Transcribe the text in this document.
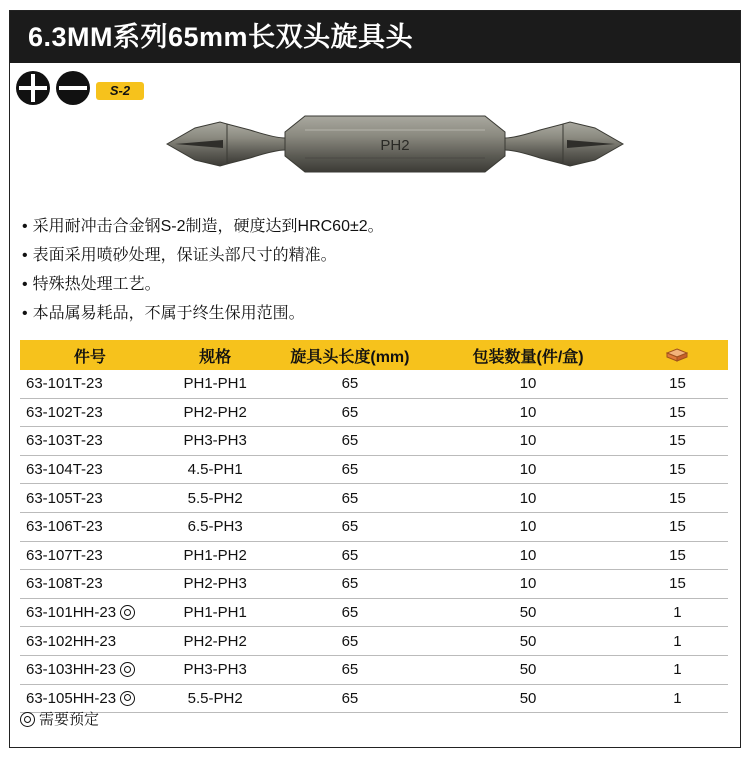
6.3MM系列65mm长双头旋具头
S-2
PH2
• 采用耐冲击合金钢S-2制造，硬度达到HRC60±2。
• 表面采用喷砂处理，保证头部尺寸的精准。
• 特殊热处理工艺。
• 本品属易耗品，不属于终生保用范围。
件号	规格	旋具头长度(mm)	包装数量(件/盒)	
63-101T-23	PH1-PH1	65	10	15
63-102T-23	PH2-PH2	65	10	15
63-103T-23	PH3-PH3	65	10	15
63-104T-23	4.5-PH1	65	10	15
63-105T-23	5.5-PH2	65	10	15
63-106T-23	6.5-PH3	65	10	15
63-107T-23	PH1-PH2	65	10	15
63-108T-23	PH2-PH3	65	10	15
63-101HH-23	PH1-PH1	65	50	1
63-102HH-23	PH2-PH2	65	50	1
63-103HH-23	PH3-PH3	65	50	1
63-105HH-23	5.5-PH2	65	50	1
需要预定
